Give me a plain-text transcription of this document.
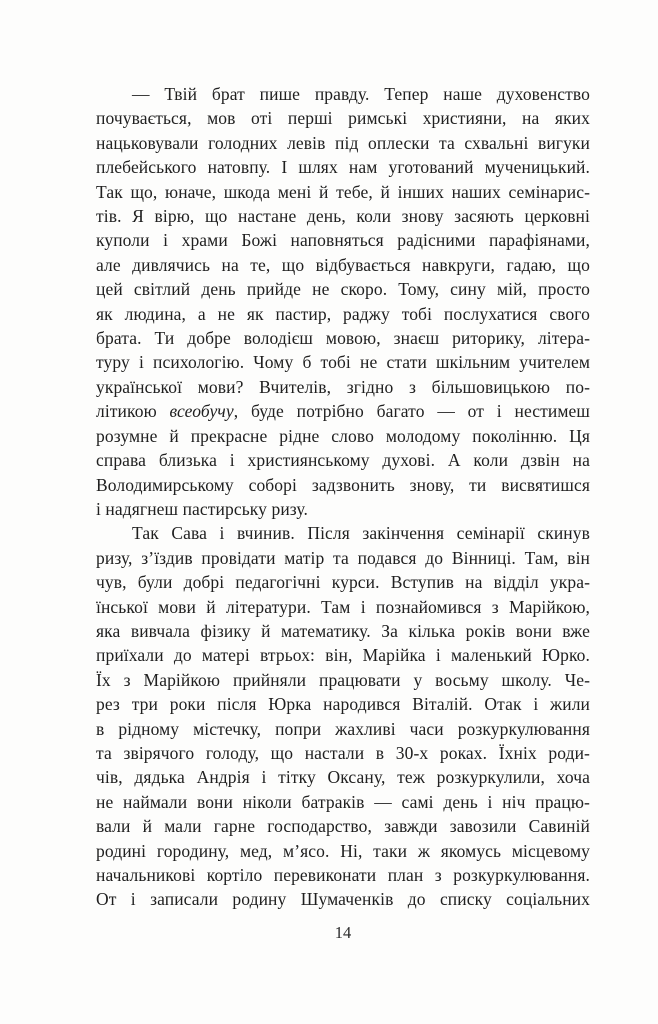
— Твій брат пише правду. Тепер наше духовенство
почувається, мов оті перші римські християни, на яких
нацьковували голодних левів під оплески та схвальні вигуки
плебейського натовпу. І шлях нам уготований мученицький.
Так що, юначе, шкода мені й тебе, й інших наших семінарис-
тів. Я вірю, що настане день, коли знову засяють церковні
куполи і храми Божі наповняться радісними парафіянами,
але дивлячись на те, що відбувається навкруги, гадаю, що
цей світлий день прийде не скоро. Тому, сину мій, просто
як людина, а не як пастир, раджу тобі послухатися свого
брата. Ти добре володієш мовою, знаєш риторику, літера-
туру і психологію. Чому б тобі не стати шкільним учителем
української мови? Вчителів, згідно з більшовицькою по-
літикою всеобучу, буде потрібно багато — от і нестимеш
розумне й прекрасне рідне слово молодому поколінню. Ця
справа близька і християнському духові. А коли дзвін на
Володимирському соборі задзвонить знову, ти висвятишся
і надягнеш пастирську ризу.
Так Сава і вчинив. Після закінчення семінарії скинув
ризу, з’їздив провідати матір та подався до Вінниці. Там, він
чув, були добрі педагогічні курси. Вступив на відділ укра-
їнської мови й літератури. Там і познайомився з Марійкою,
яка вивчала фізику й математику. За кілька років вони вже
приїхали до матері втрьох: він, Марійка і маленький Юрко.
Їх з Марійкою прийняли працювати у восьму школу. Че-
рез три роки після Юрка народився Віталій. Отак і жили
в рідному містечку, попри жахливі часи розкуркулювання
та звірячого голоду, що настали в 30-х роках. Їхніх роди-
чів, дядька Андрія і тітку Оксану, теж розкуркулили, хоча
не наймали вони ніколи батраків — самі день і ніч працю-
вали й мали гарне господарство, завжди завозили Савиній
родині городину, мед, м’ясо. Ні, таки ж якомусь місцевому
начальникові кортіло перевиконати план з розкуркулювання.
От і записали родину Шумаченків до списку соціальних
14
